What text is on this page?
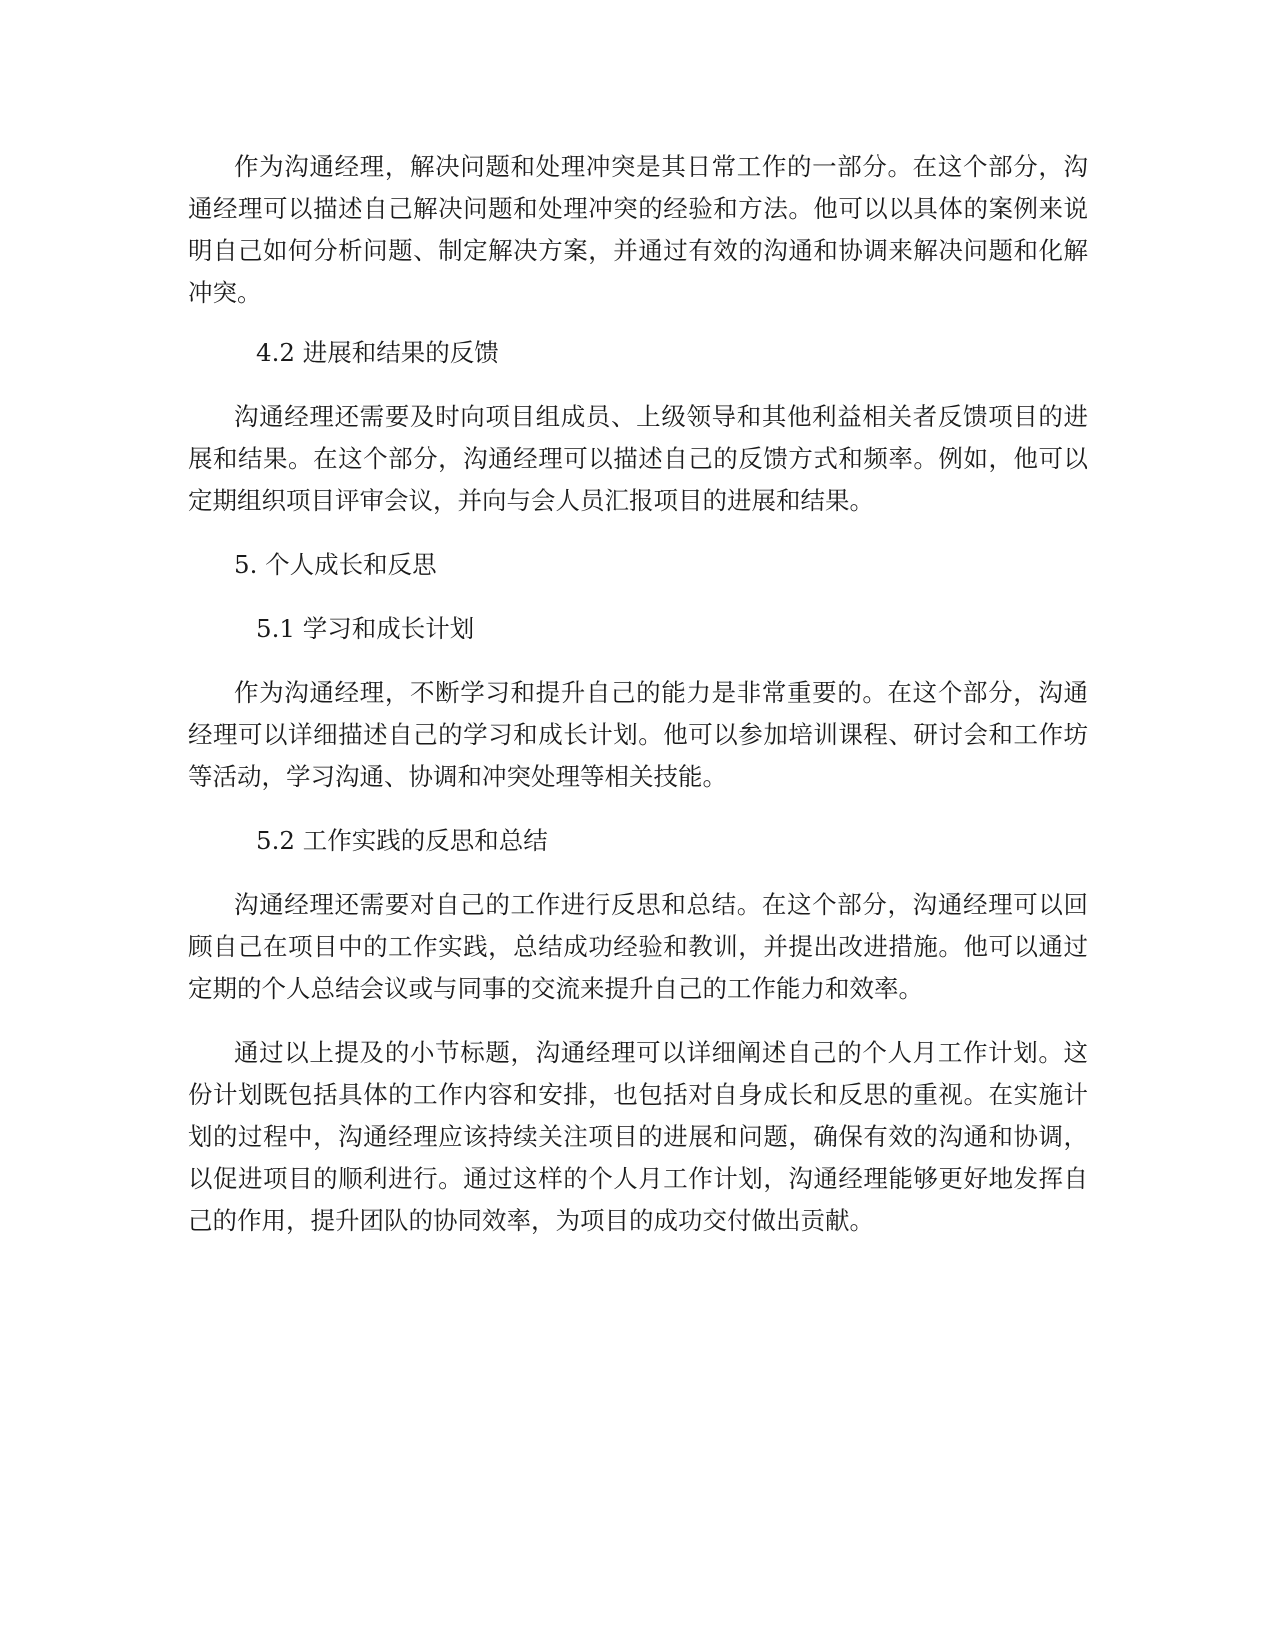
作为沟通经理，解决问题和处理冲突是其日常工作的一部分。在这个部分，沟通经理可以描述自己解决问题和处理冲突的经验和方法。他可以以具体的案例来说明自己如何分析问题、制定解决方案，并通过有效的沟通和协调来解决问题和化解冲突。

4.2 进展和结果的反馈

沟通经理还需要及时向项目组成员、上级领导和其他利益相关者反馈项目的进展和结果。在这个部分，沟通经理可以描述自己的反馈方式和频率。例如，他可以定期组织项目评审会议，并向与会人员汇报项目的进展和结果。

5. 个人成长和反思
5.1 学习和成长计划

作为沟通经理，不断学习和提升自己的能力是非常重要的。在这个部分，沟通经理可以详细描述自己的学习和成长计划。他可以参加培训课程、研讨会和工作坊等活动，学习沟通、协调和冲突处理等相关技能。

5.2 工作实践的反思和总结

沟通经理还需要对自己的工作进行反思和总结。在这个部分，沟通经理可以回顾自己在项目中的工作实践，总结成功经验和教训，并提出改进措施。他可以通过定期的个人总结会议或与同事的交流来提升自己的工作能力和效率。

通过以上提及的小节标题，沟通经理可以详细阐述自己的个人月工作计划。这份计划既包括具体的工作内容和安排，也包括对自身成长和反思的重视。在实施计划的过程中，沟通经理应该持续关注项目的进展和问题，确保有效的沟通和协调，以促进项目的顺利进行。通过这样的个人月工作计划，沟通经理能够更好地发挥自己的作用，提升团队的协同效率，为项目的成功交付做出贡献。
